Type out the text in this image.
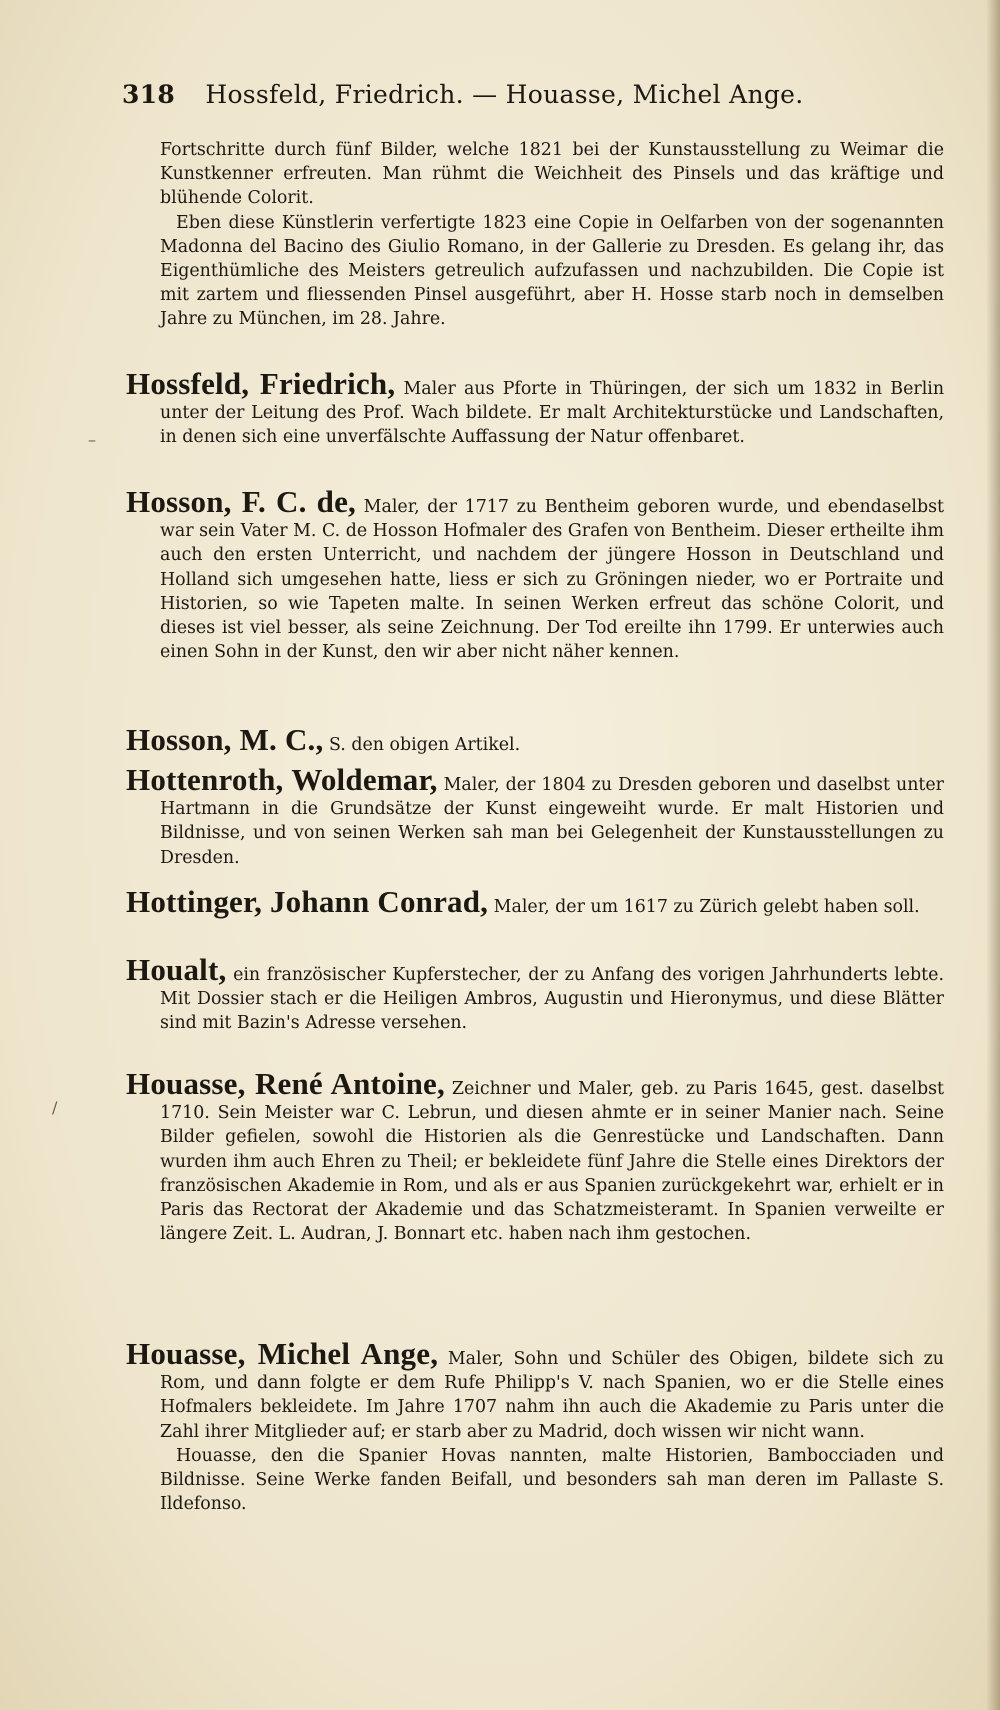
318 Hossfeld, Friedrich. — Houasse, Michel Ange.

Fortschritte durch fünf Bilder, welche 1821 bei der Kunstausstellung zu Weimar die Kunstkenner erfreuten. Man rühmt die Weichheit des Pinsels und das kräftige und blühende Colorit.

Eben diese Künstlerin verfertigte 1823 eine Copie in Oelfarben von der sogenannten Madonna del Bacino des Giulio Romano, in der Gallerie zu Dresden. Es gelang ihr, das Eigenthümliche des Meisters getreulich aufzufassen und nachzubilden. Die Copie ist mit zartem und fliessenden Pinsel ausgeführt, aber H. Hosse starb noch in demselben Jahre zu München, im 28. Jahre.

Hossfeld, Friedrich, Maler aus Pforte in Thüringen, der sich um 1832 in Berlin unter der Leitung des Prof. Wach bildete. Er malt Architekturstücke und Landschaften, in denen sich eine unverfälschte Auffassung der Natur offenbaret.
Hosson, F. C. de, Maler, der 1717 zu Bentheim geboren wurde, und ebendaselbst war sein Vater M. C. de Hosson Hofmaler des Grafen von Bentheim. Dieser ertheilte ihm auch den ersten Unterricht, und nachdem der jüngere Hosson in Deutschland und Holland sich umgesehen hatte, liess er sich zu Gröningen nieder, wo er Portraite und Historien, so wie Tapeten malte. In seinen Werken erfreut das schöne Colorit, und dieses ist viel besser, als seine Zeichnung. Der Tod ereilte ihn 1799. Er unterwies auch einen Sohn in der Kunst, den wir aber nicht näher kennen.
Hosson, M. C., S. den obigen Artikel.
Hottenroth, Woldemar, Maler, der 1804 zu Dresden geboren und daselbst unter Hartmann in die Grundsätze der Kunst eingeweiht wurde. Er malt Historien und Bildnisse, und von seinen Werken sah man bei Gelegenheit der Kunstausstellungen zu Dresden.
Hottinger, Johann Conrad, Maler, der um 1617 zu Zürich gelebt haben soll.
Houalt, ein französischer Kupferstecher, der zu Anfang des vorigen Jahrhunderts lebte. Mit Dossier stach er die Heiligen Ambros, Augustin und Hieronymus, und diese Blätter sind mit Bazin's Adresse versehen.
Houasse, René Antoine, Zeichner und Maler, geb. zu Paris 1645, gest. daselbst 1710. Sein Meister war C. Lebrun, und diesen ahmte er in seiner Manier nach. Seine Bilder gefielen, sowohl die Historien als die Genrestücke und Landschaften. Dann wurden ihm auch Ehren zu Theil; er bekleidete fünf Jahre die Stelle eines Direktors der französischen Akademie in Rom, und als er aus Spanien zurückgekehrt war, erhielt er in Paris das Rectorat der Akademie und das Schatzmeisteramt. In Spanien verweilte er längere Zeit. L. Audran, J. Bonnart etc. haben nach ihm gestochen.
Houasse, Michel Ange, Maler, Sohn und Schüler des Obigen, bildete sich zu Rom, und dann folgte er dem Rufe Philipp's V. nach Spanien, wo er die Stelle eines Hofmalers bekleidete. Im Jahre 1707 nahm ihn auch die Akademie zu Paris unter die Zahl ihrer Mitglieder auf; er starb aber zu Madrid, doch wissen wir nicht wann.
Houasse, den die Spanier Hovas nannten, malte Historien, Bambocciaden und Bildnisse. Seine Werke fanden Beifall, und besonders sah man deren im Pallaste S. Ildefonso.
–
/
